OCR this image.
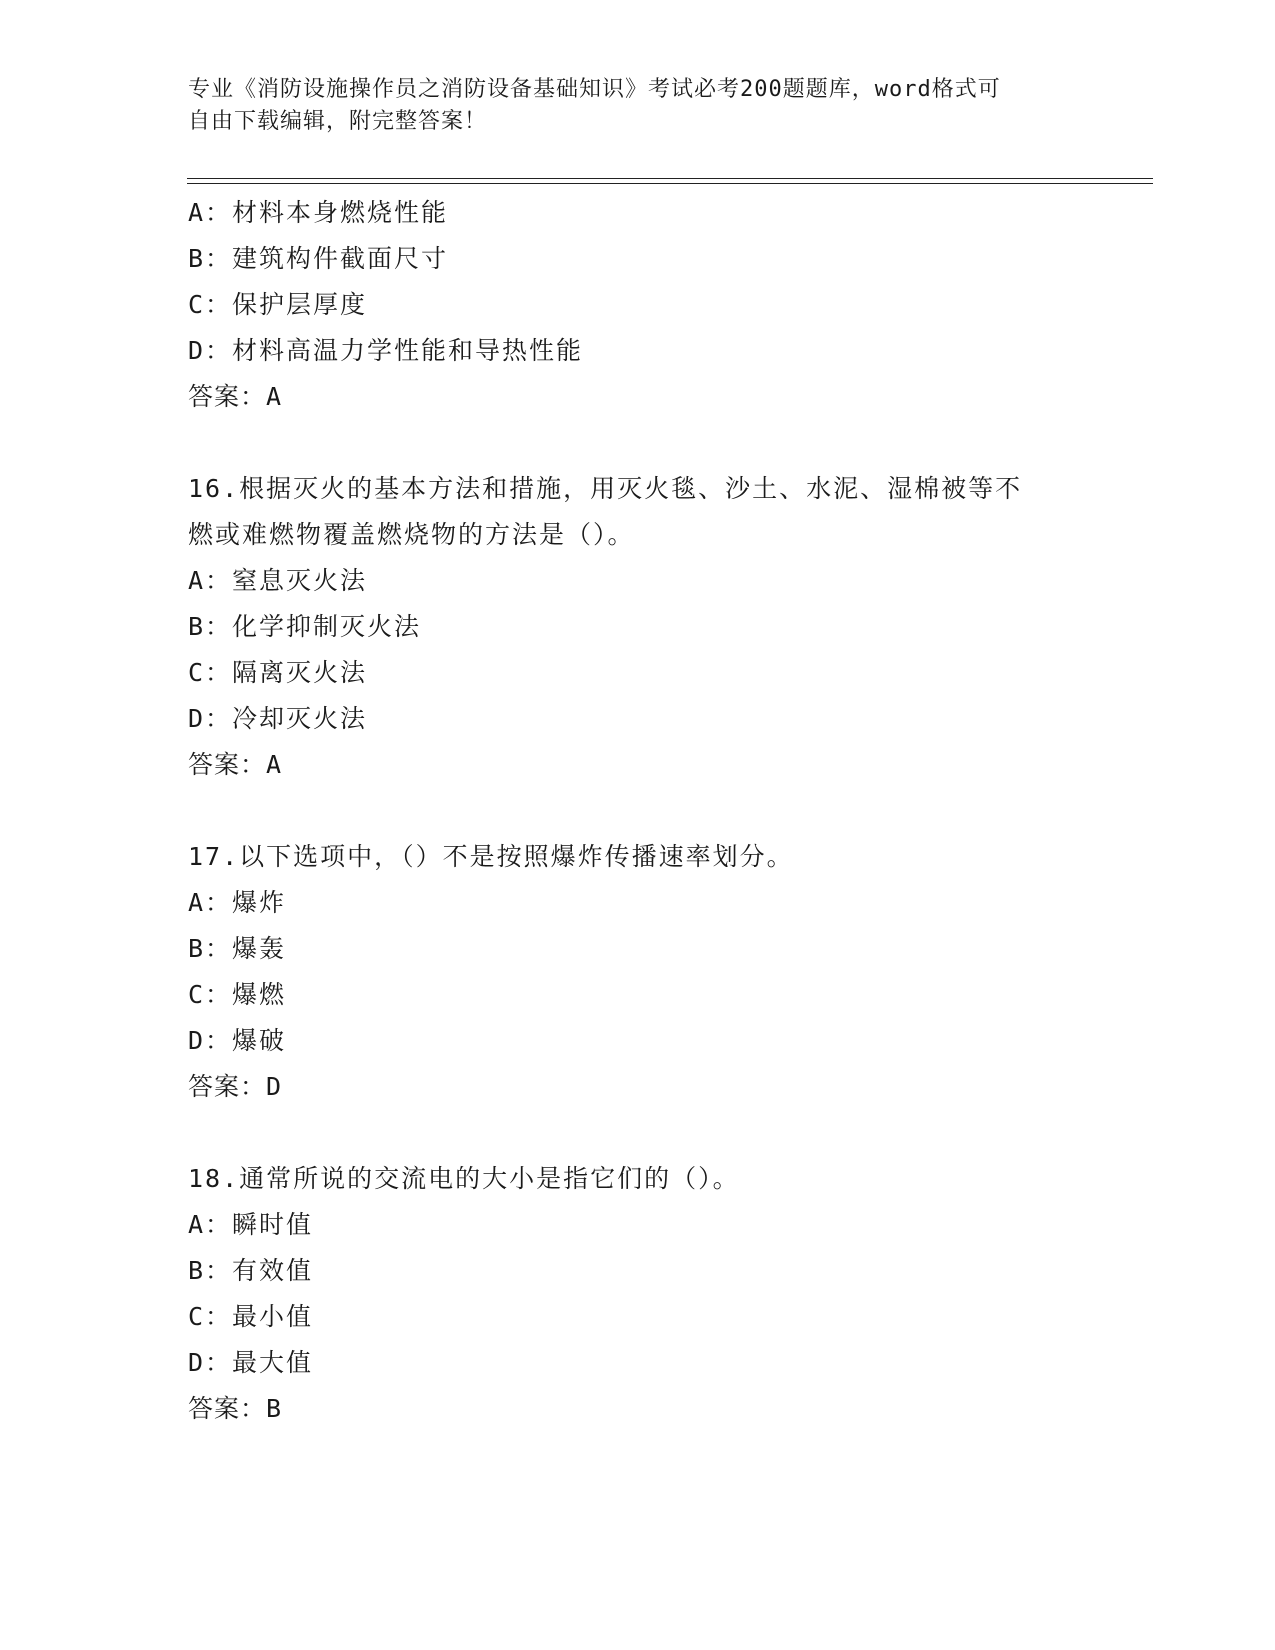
专业《消防设施操作员之消防设备基础知识》考试必考200题题库，word格式可
自由下载编辑，附完整答案！
A：材料本身燃烧性能
B：建筑构件截面尺寸
C：保护层厚度
D：材料高温力学性能和导热性能
答案：A
16.根据灭火的基本方法和措施，用灭火毯、沙土、水泥、湿棉被等不
燃或难燃物覆盖燃烧物的方法是（）。
A：窒息灭火法
B：化学抑制灭火法
C：隔离灭火法
D：冷却灭火法
答案：A
17.以下选项中，（）不是按照爆炸传播速率划分。
A：爆炸
B：爆轰
C：爆燃
D：爆破
答案：D
18.通常所说的交流电的大小是指它们的（）。
A：瞬时值
B：有效值
C：最小值
D：最大值
答案：B
